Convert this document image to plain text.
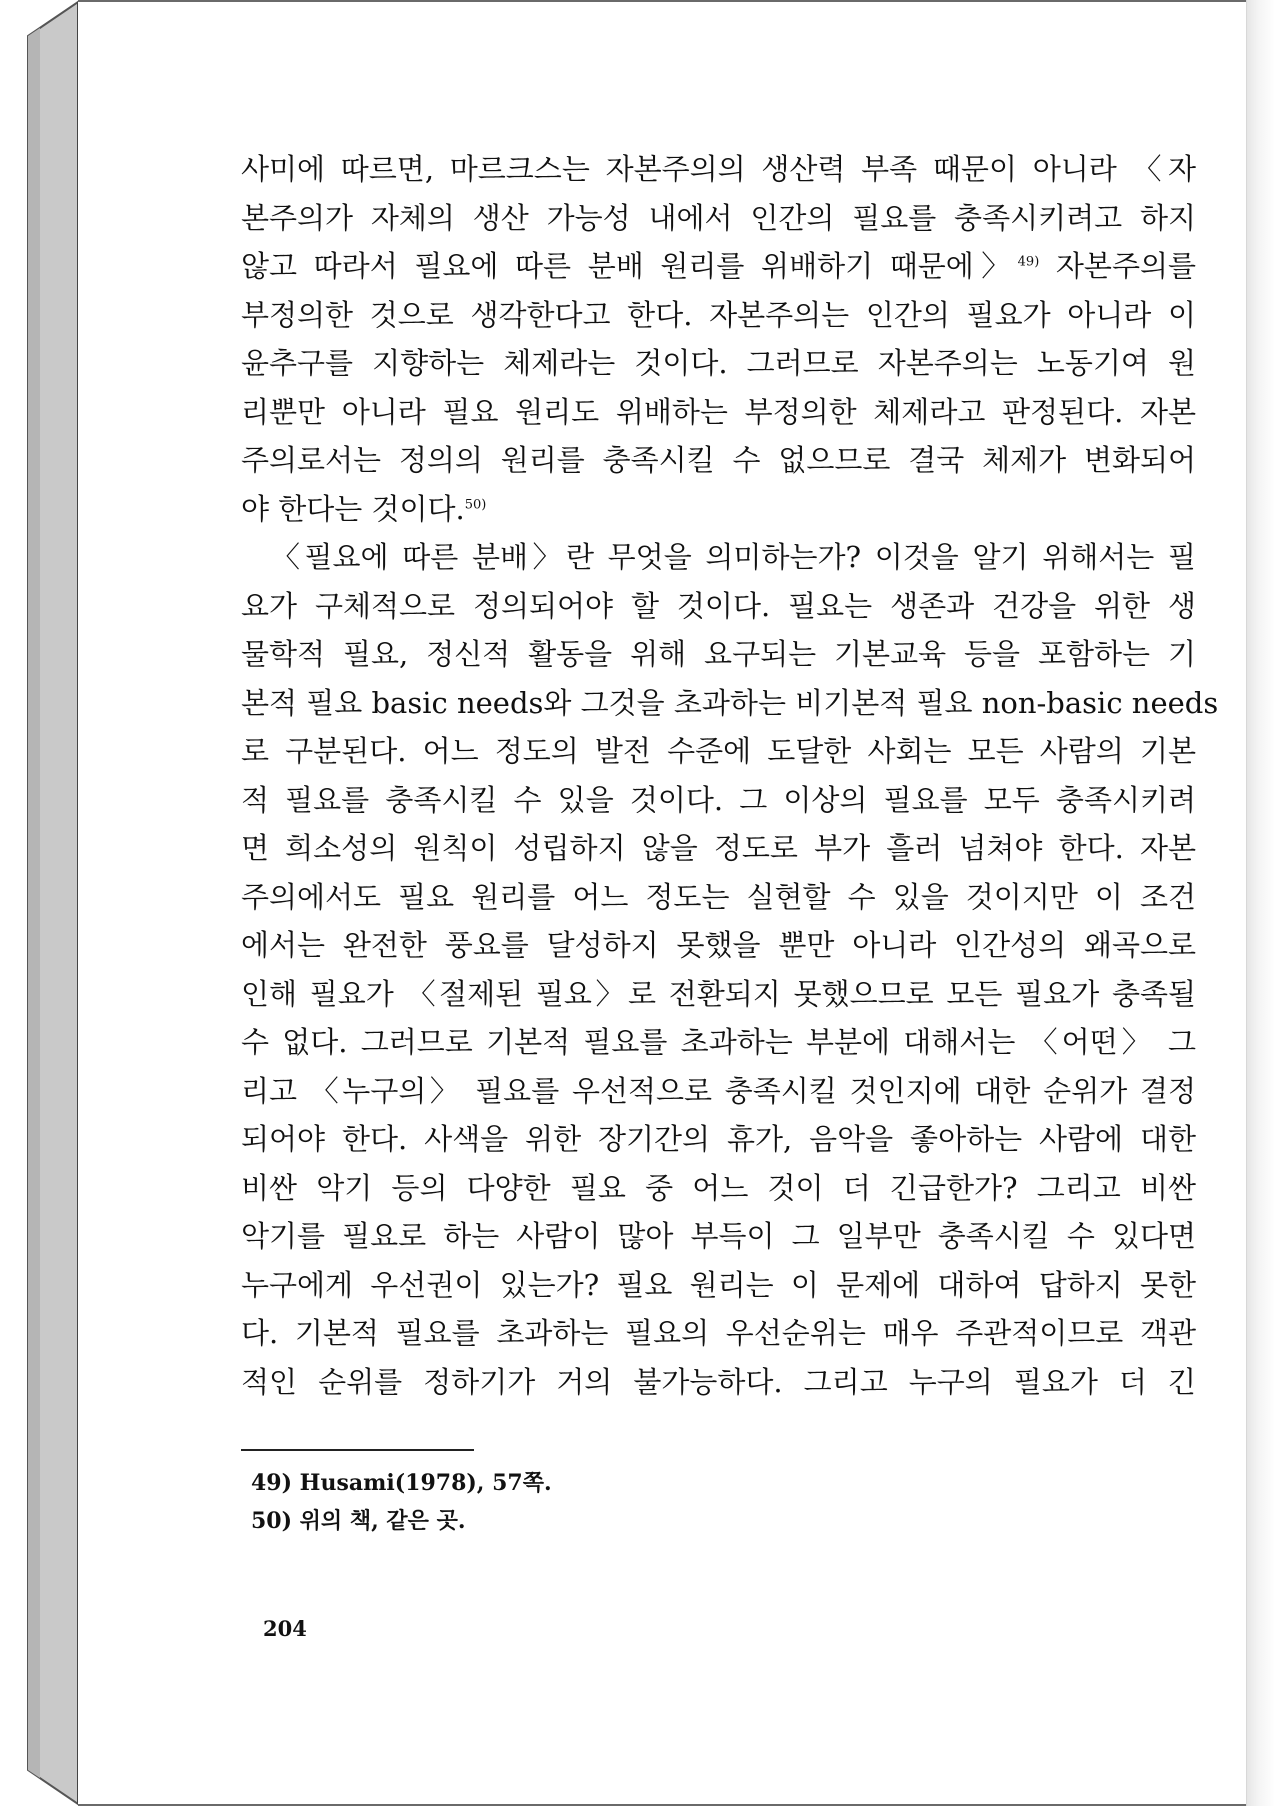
사미에 따르면, 마르크스는 자본주의의 생산력 부족 때문이 아니라 〈자
본주의가 자체의 생산 가능성 내에서 인간의 필요를 충족시키려고 하지
않고 따라서 필요에 따른 분배 원리를 위배하기 때문에〉$^{49)}$ 자본주의를
부정의한 것으로 생각한다고 한다. 자본주의는 인간의 필요가 아니라 이
윤추구를 지향하는 체제라는 것이다. 그러므로 자본주의는 노동기여 원
리뿐만 아니라 필요 원리도 위배하는 부정의한 체제라고 판정된다. 자본
주의로서는 정의의 원리를 충족시킬 수 없으므로 결국 체제가 변화되어
야 한다는 것이다.$^{50)}$
〈필요에 따른 분배〉란 무엇을 의미하는가? 이것을 알기 위해서는 필
요가 구체적으로 정의되어야 할 것이다. 필요는 생존과 건강을 위한 생
물학적 필요, 정신적 활동을 위해 요구되는 기본교육 등을 포함하는 기
본적 필요 basic needs와 그것을 초과하는 비기본적 필요 non-basic needs
로 구분된다. 어느 정도의 발전 수준에 도달한 사회는 모든 사람의 기본
적 필요를 충족시킬 수 있을 것이다. 그 이상의 필요를 모두 충족시키려
면 희소성의 원칙이 성립하지 않을 정도로 부가 흘러 넘쳐야 한다. 자본
주의에서도 필요 원리를 어느 정도는 실현할 수 있을 것이지만 이 조건
에서는 완전한 풍요를 달성하지 못했을 뿐만 아니라 인간성의 왜곡으로
인해 필요가 〈절제된 필요〉로 전환되지 못했으므로 모든 필요가 충족될
수 없다. 그러므로 기본적 필요를 초과하는 부분에 대해서는 〈어떤〉 그
리고 〈누구의〉 필요를 우선적으로 충족시킬 것인지에 대한 순위가 결정
되어야 한다. 사색을 위한 장기간의 휴가, 음악을 좋아하는 사람에 대한
비싼 악기 등의 다양한 필요 중 어느 것이 더 긴급한가? 그리고 비싼
악기를 필요로 하는 사람이 많아 부득이 그 일부만 충족시킬 수 있다면
누구에게 우선권이 있는가? 필요 원리는 이 문제에 대하여 답하지 못한
다. 기본적 필요를 초과하는 필요의 우선순위는 매우 주관적이므로 객관
적인 순위를 정하기가 거의 불가능하다. 그리고 누구의 필요가 더 긴
49) Husami(1978), 57쪽.
50) 위의 책, 같은 곳.
204
